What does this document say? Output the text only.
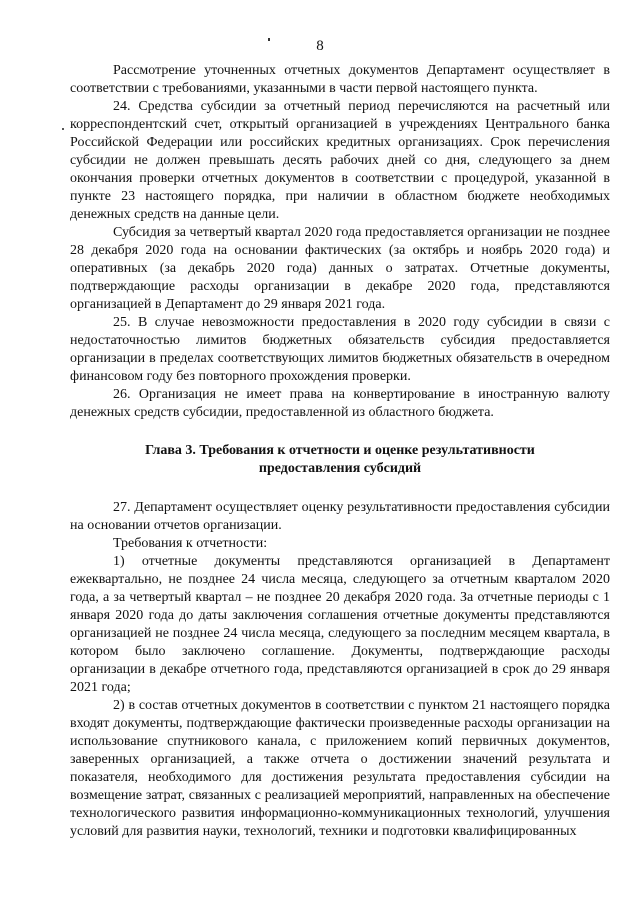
8

Рассмотрение уточненных отчетных документов Департамент осуществляет в соответствии с требованиями, указанными в части первой настоящего пункта.

24. Средства субсидии за отчетный период перечисляются на расчетный или корреспондентский счет, открытый организацией в учреждениях Центрального банка Российской Федерации или российских кредитных организациях. Срок перечисления субсидии не должен превышать десять рабочих дней со дня, следующего за днем окончания проверки отчетных документов в соответствии с процедурой, указанной в пункте 23 настоящего порядка, при наличии в областном бюджете необходимых денежных средств на данные цели.

Субсидия за четвертый квартал 2020 года предоставляется организации не позднее 28 декабря 2020 года на основании фактических (за октябрь и ноябрь 2020 года) и оперативных (за декабрь 2020 года) данных о затратах. Отчетные документы, подтверждающие расходы организации в декабре 2020 года, представляются организацией в Департамент до 29 января 2021 года.

25. В случае невозможности предоставления в 2020 году субсидии в связи с недостаточностью лимитов бюджетных обязательств субсидия предоставляется организации в пределах соответствующих лимитов бюджетных обязательств в очередном финансовом году без повторного прохождения проверки.

26. Организация не имеет права на конвертирование в иностранную валюту денежных средств субсидии, предоставленной из областного бюджета.

Глава 3. Требования к отчетности и оценке результативности
предоставления субсидий

27. Департамент осуществляет оценку результативности предоставления субсидии на основании отчетов организации.

Требования к отчетности:

1) отчетные документы представляются организацией в Департамент ежеквартально, не позднее 24 числа месяца, следующего за отчетным кварталом 2020 года, а за четвертый квартал – не позднее 20 декабря 2020 года. За отчетные периоды с 1 января 2020 года до даты заключения соглашения отчетные документы представляются организацией не позднее 24 числа месяца, следующего за последним месяцем квартала, в котором было заключено соглашение. Документы, подтверждающие расходы организации в декабре отчетного года, представляются организацией в срок до 29 января 2021 года;

2) в состав отчетных документов в соответствии с пунктом 21 настоящего порядка входят документы, подтверждающие фактически произведенные расходы организации на использование спутникового канала, с приложением копий первичных документов, заверенных организацией, а также отчета о достижении значений результата и показателя, необходимого для достижения результата предоставления субсидии на возмещение затрат, связанных с реализацией мероприятий, направленных на обеспечение технологического развития информационно-коммуникационных технологий, улучшения условий для развития науки, технологий, техники и подготовки квалифицированных
